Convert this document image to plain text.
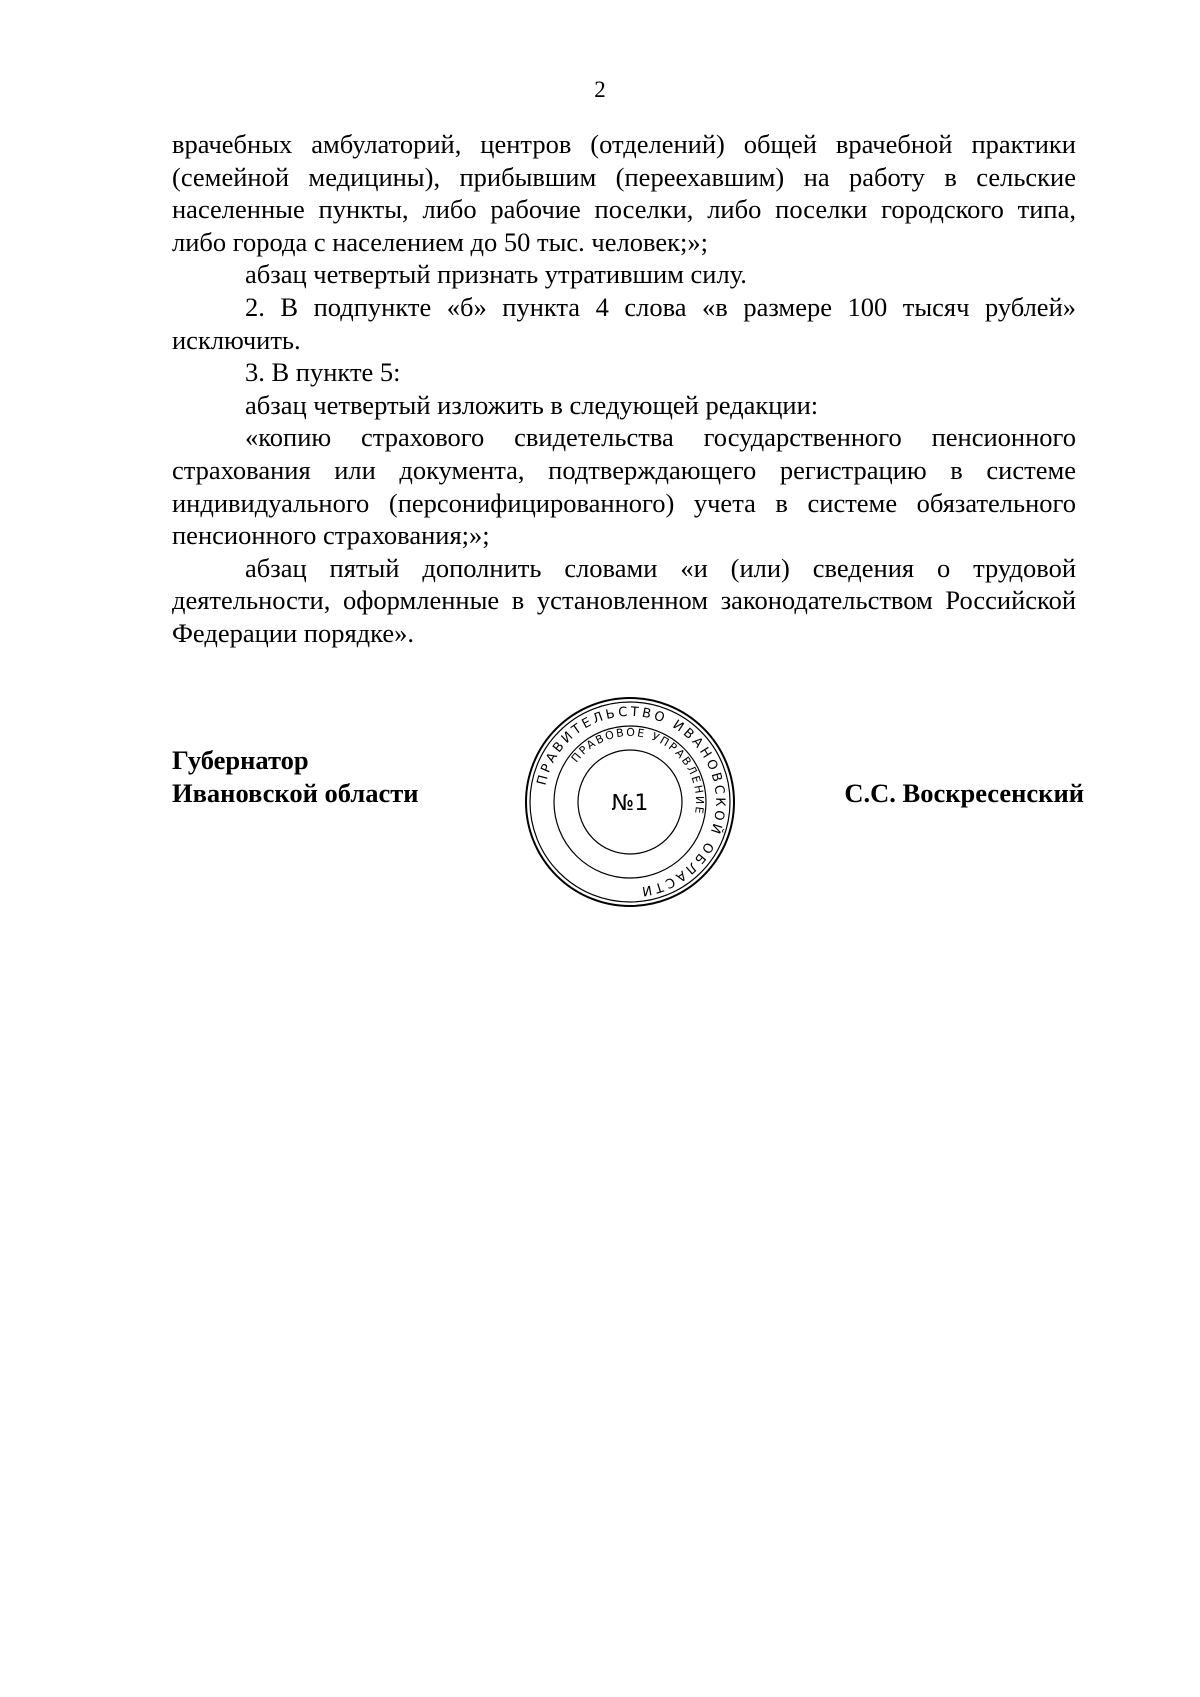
2

врачебных амбулаторий, центров (отделений) общей врачебной практики (семейной медицины), прибывшим (переехавшим) на работу в сельские населенные пункты, либо рабочие поселки, либо поселки городского типа, либо города с населением до 50 тыс. человек;»;

абзац четвертый признать утратившим силу.

2. В подпункте «б» пункта 4 слова «в размере 100 тысяч рублей» исключить.

3. В пункте 5:

абзац четвертый изложить в следующей редакции:

«копию страхового свидетельства государственного пенсионного страхования или документа, подтверждающего регистрацию в системе индивидуального (персонифицированного) учета в системе обязательного пенсионного страхования;»;

абзац пятый дополнить словами «и (или) сведения о трудовой деятельности, оформленные в установленном законодательством Российской Федерации порядке».

Губернатор
Ивановской области	С.С. Воскресенский
ПРАВИТЕЛЬСТВО ИВАНОВСКОЙ ОБЛАСТИ
ПРАВОВОЕ УПРАВЛЕНИЕ
№1
